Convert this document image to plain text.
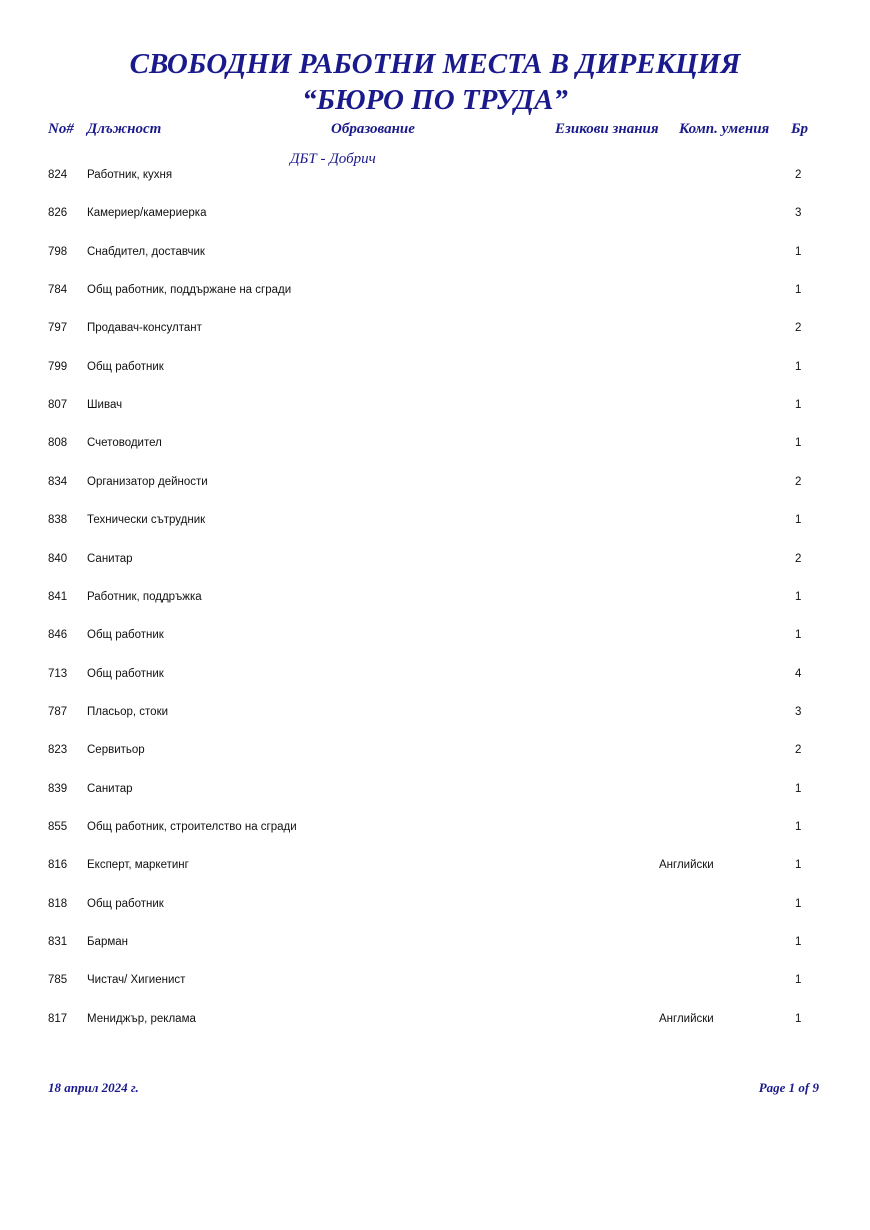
СВОБОДНИ РАБОТНИ МЕСТА В ДИРЕКЦИЯ
“БЮРО ПО ТРУДА”
No# Длъжност	Образование	Езикови знания Комп. умения Бр
ДБТ - Добрич
824 Работник, кухня	2
826 Камериер/камериерка	3
798 Снабдител, доставчик	1
784 Общ работник, поддържане на сгради	1
797 Продавач-консултант	2
799 Общ работник	1
807 Шивач	1
808 Счетоводител	1
834 Организатор дейности	2
838 Технически сътрудник	1
840 Санитар	2
841 Работник, поддръжка	1
846 Общ работник	1
713 Общ работник	4
787 Пласьор, стоки	3
823 Сервитьор	2
839 Санитар	1
855 Общ работник, строителство на сгради	1
816 Експерт, маркетинг	Английски	1
818 Общ работник	1
831 Барман	1
785 Чистач/ Хигиенист	1
817 Мениджър, реклама	Английски	1
18 април 2024 г.	Page 1 of 9
